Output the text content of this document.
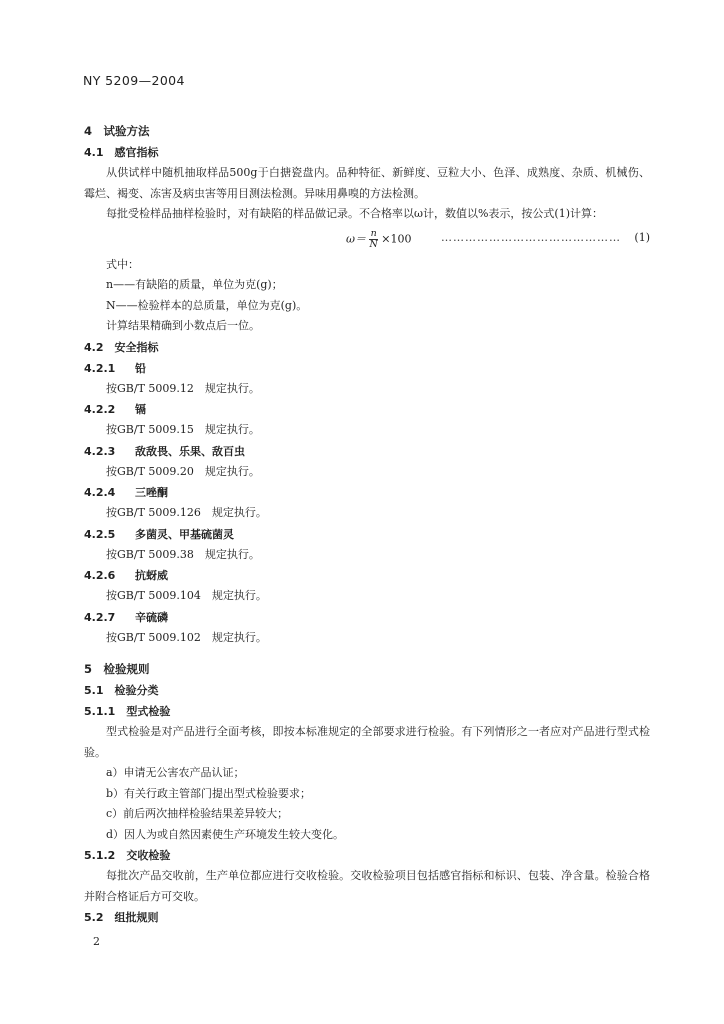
NY 5209—2004
4　试验方法
4.1　感官指标
从供试样中随机抽取样品500g于白搪瓷盘内。品种特征、新鲜度、豆粒大小、色泽、成熟度、杂质、机械伤、霉烂、褐变、冻害及病虫害等用目测法检测。异味用鼻嗅的方法检测。
每批受检样品抽样检验时，对有缺陷的样品做记录。不合格率以ω计，数值以%表示，按公式(1)计算：
$\omega= \frac{n}{N} \times 100$	……………………………………… (1)
式中：
n——有缺陷的质量，单位为克(g)；
N——检验样本的总质量，单位为克(g)。
计算结果精确到小数点后一位。
4.2　安全指标
4.2.1　 铅
按GB/T 5009.12　规定执行。
4.2.2　 镉
按GB/T 5009.15　规定执行。
4.2.3　 敌敌畏、乐果、敌百虫
按GB/T 5009.20　规定执行。
4.2.4　 三唑酮
按GB/T 5009.126　规定执行。
4.2.5　 多菌灵、甲基硫菌灵
按GB/T 5009.38　规定执行。
4.2.6　 抗蚜威
按GB/T 5009.104　规定执行。
4.2.7　 辛硫磷
按GB/T 5009.102　规定执行。
5　检验规则
5.1　检验分类
5.1.1　型式检验
型式检验是对产品进行全面考核，即按本标准规定的全部要求进行检验。有下列情形之一者应对产品进行型式检验。
a）申请无公害农产品认证；
b）有关行政主管部门提出型式检验要求；
c）前后两次抽样检验结果差异较大；
d）因人为或自然因素使生产环境发生较大变化。
5.1.2　交收检验
每批次产品交收前，生产单位都应进行交收检验。交收检验项目包括感官指标和标识、包装、净含量。检验合格并附合格证后方可交收。
5.2　组批规则
2
